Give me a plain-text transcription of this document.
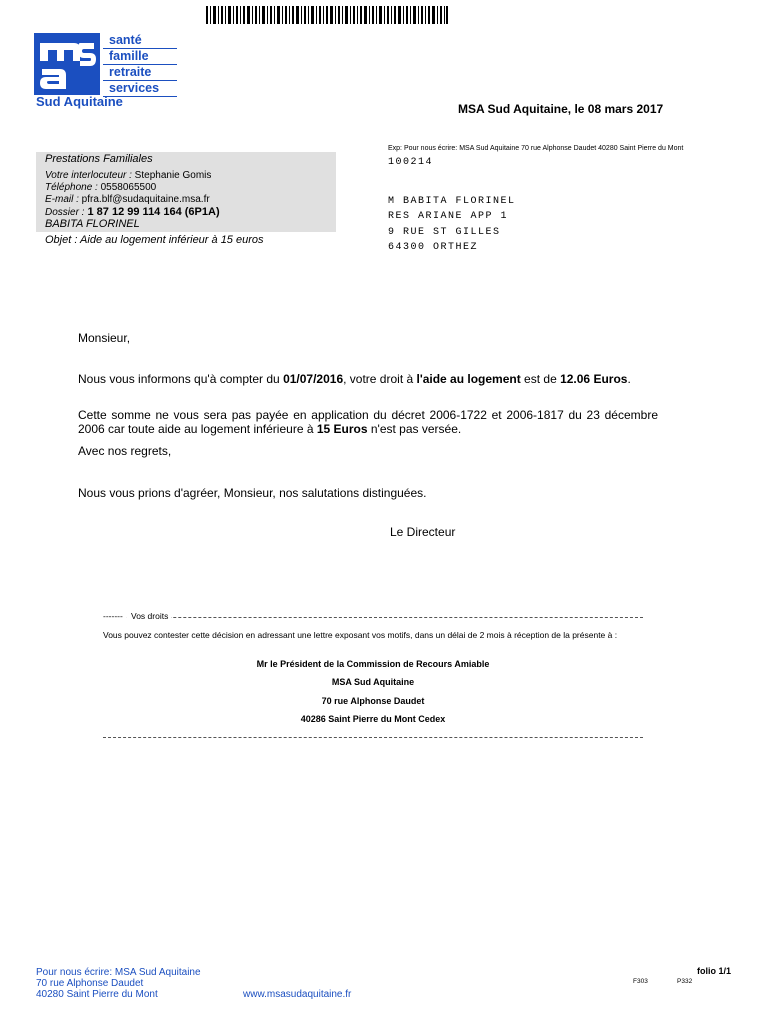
santé
famille
retraite
services
Sud Aquitaine	MSA Sud Aquitaine, le 08 mars 2017
Exp: Pour nous écrire: MSA Sud Aquitaine 70 rue Alphonse Daudet 40280 Saint Pierre du Mont
100214
M BABITA FLORINEL
RES ARIANE APP 1
9 RUE ST GILLES
64300 ORTHEZ
Prestations Familiales
Votre interlocuteur : Stephanie Gomis
Téléphone : 0558065500
E-mail : pfra.blf@sudaquitaine.msa.fr
Dossier : 1 87 12 99 114 164 (6P1A)
BABITA FLORINEL
Objet : Aide au logement inférieur à 15 euros
Monsieur,
Nous vous informons qu'à compter du 01/07/2016, votre droit à l'aide au logement est de 12.06 Euros.
Cette somme ne vous sera pas payée en application du décret 2006-1722 et 2006-1817 du 23 décembre 2006 car toute aide au logement inférieure à 15 Euros n'est pas versée.
Avec nos regrets,
Nous vous prions d'agréer, Monsieur, nos salutations distinguées.
Le Directeur
------- Vos droits
Vous pouvez contester cette décision en adressant une lettre exposant vos motifs, dans un délai de 2 mois à réception de la présente à :
Mr le Président de la Commission de Recours Amiable
MSA Sud Aquitaine
70 rue Alphonse Daudet
40286 Saint Pierre du Mont Cedex
Pour nous écrire: MSA Sud Aquitaine
70 rue Alphonse Daudet
40280 Saint Pierre du Mont	www.msasudaquitaine.fr
folio 1/1
F303	P332
